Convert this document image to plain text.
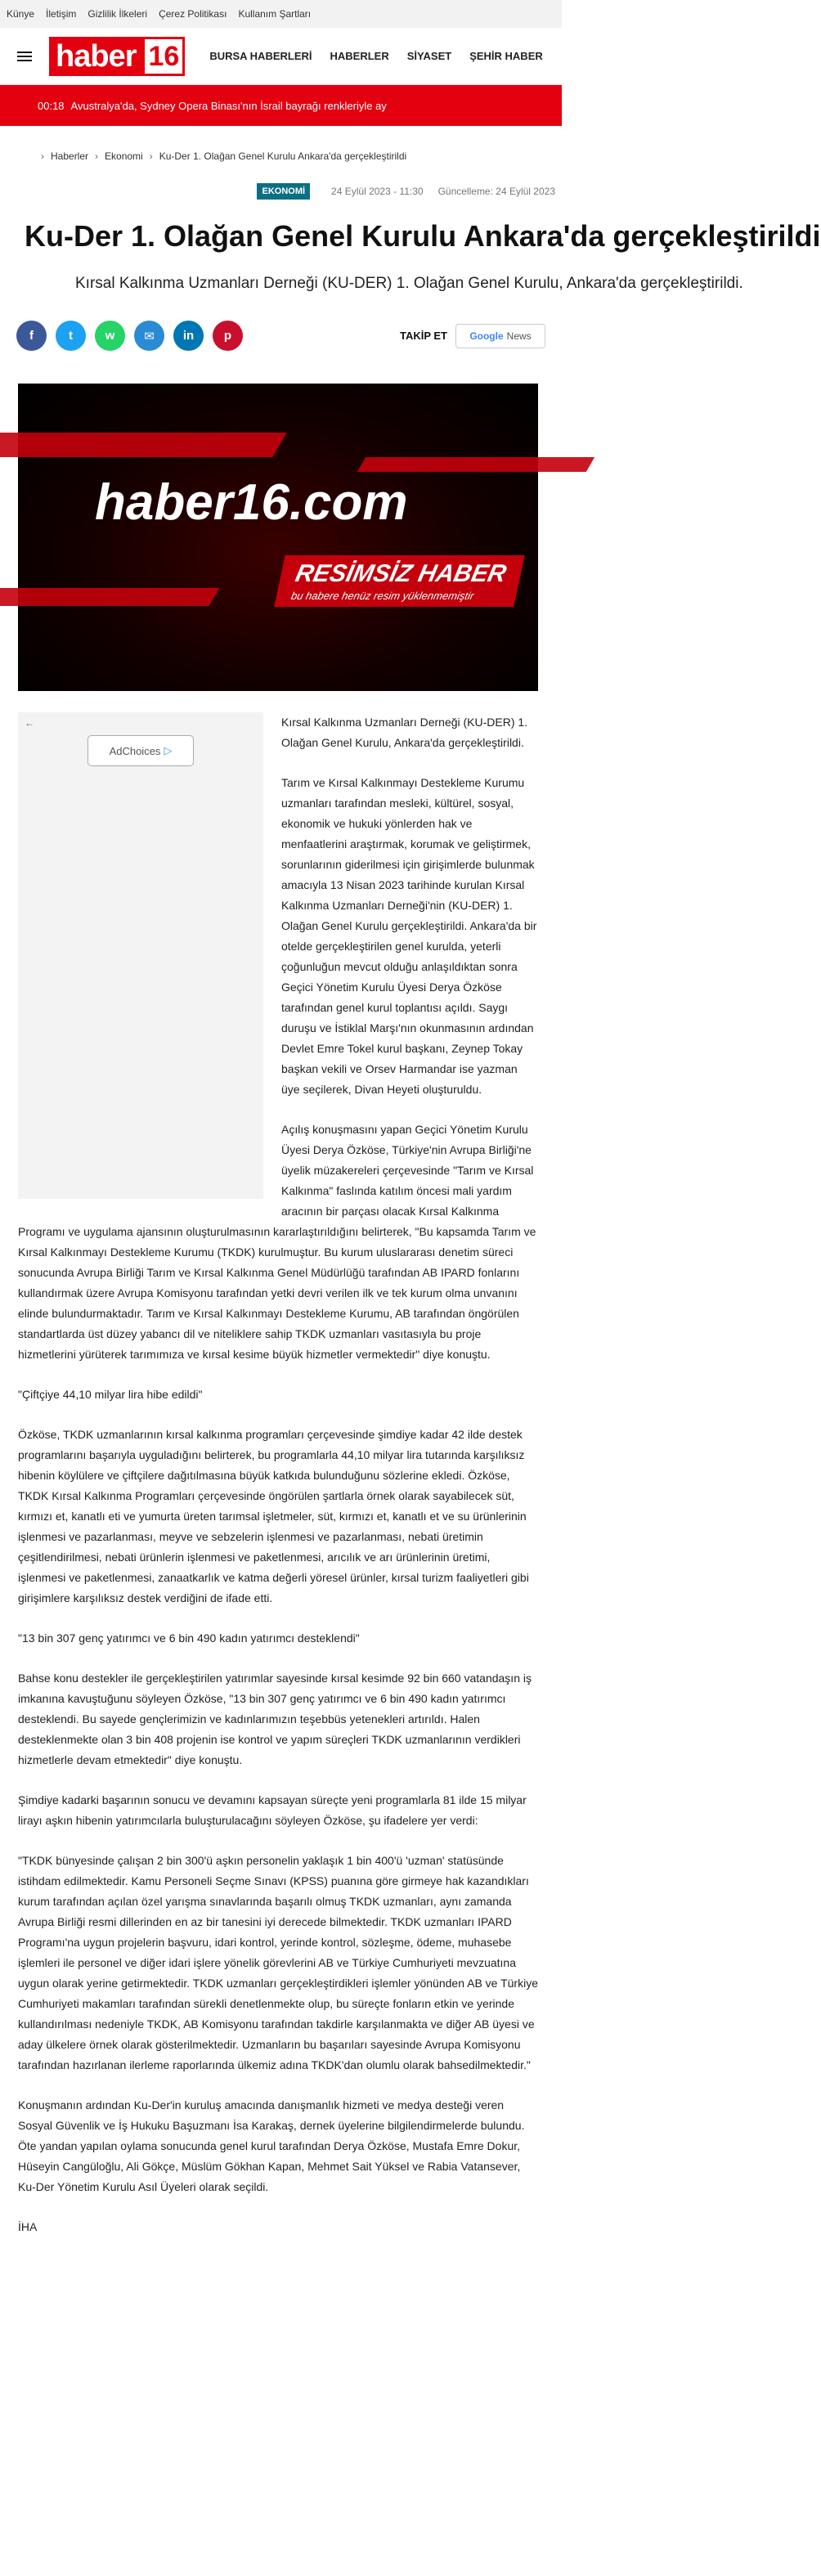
Künye İletişim Gizlilik İlkeleri Çerez Politikası Kullanım Şartları
haber 16	BURSA HABERLERİ HABERLER SİYASET ŞEHİR HABER
00:18 Avustralya'da, Sydney Opera Binası'nın İsrail bayrağı renkleriyle ay
› Haberler › Ekonomi › Ku-Der 1. Olağan Genel Kurulu Ankara'da gerçekleştirildi
EKONOMİ	24 Eylül 2023 - 11:30 Güncelleme: 24 Eylül 2023
Ku-Der 1. Olağan Genel Kurulu Ankara'da gerçekleştirildi
Kırsal Kalkınma Uzmanları Derneği (KU-DER) 1. Olağan Genel Kurulu, Ankara'da gerçekleştirildi.
f	t	w	✉	in	p	TAKİP ET Google News
haber16.com
RESİMSİZ HABER
bu habere henüz resim yüklenmemiştir
←
AdChoices ▷

Kırsal Kalkınma Uzmanları Derneği (KU-DER) 1. Olağan Genel Kurulu, Ankara'da gerçekleştirildi.

Tarım ve Kırsal Kalkınmayı Destekleme Kurumu uzmanları tarafından mesleki, kültürel, sosyal, ekonomik ve hukuki yönlerden hak ve menfaatlerini araştırmak, korumak ve geliştirmek, sorunlarının giderilmesi için girişimlerde bulunmak amacıyla 13 Nisan 2023 tarihinde kurulan Kırsal Kalkınma Uzmanları Derneği'nin (KU-DER) 1. Olağan Genel Kurulu gerçekleştirildi. Ankara'da bir otelde gerçekleştirilen genel kurulda, yeterli çoğunluğun mevcut olduğu anlaşıldıktan sonra Geçici Yönetim Kurulu Üyesi Derya Özköse tarafından genel kurul toplantısı açıldı. Saygı duruşu ve İstiklal Marşı'nın okunmasının ardından Devlet Emre Tokel kurul başkanı, Zeynep Tokay başkan vekili ve Orsev Harmandar ise yazman üye seçilerek, Divan Heyeti oluşturuldu.

Açılış konuşmasını yapan Geçici Yönetim Kurulu Üyesi Derya Özköse, Türkiye'nin Avrupa Birliği'ne üyelik müzakereleri çerçevesinde "Tarım ve Kırsal Kalkınma" faslında katılım öncesi mali yardım aracının bir parçası olacak Kırsal Kalkınma Programı ve uygulama ajansının oluşturulmasının kararlaştırıldığını belirterek, "Bu kapsamda Tarım ve Kırsal Kalkınmayı Destekleme Kurumu (TKDK) kurulmuştur. Bu kurum uluslararası denetim süreci sonucunda Avrupa Birliği Tarım ve Kırsal Kalkınma Genel Müdürlüğü tarafından AB IPARD fonlarını kullandırmak üzere Avrupa Komisyonu tarafından yetki devri verilen ilk ve tek kurum olma unvanını elinde bulundurmaktadır. Tarım ve Kırsal Kalkınmayı Destekleme Kurumu, AB tarafından öngörülen standartlarda üst düzey yabancı dil ve niteliklere sahip TKDK uzmanları vasıtasıyla bu proje hizmetlerini yürüterek tarımımıza ve kırsal kesime büyük hizmetler vermektedir" diye konuştu.

"Çiftçiye 44,10 milyar lira hibe edildi"

Özköse, TKDK uzmanlarının kırsal kalkınma programları çerçevesinde şimdiye kadar 42 ilde destek programlarını başarıyla uyguladığını belirterek, bu programlarla 44,10 milyar lira tutarında karşılıksız hibenin köylülere ve çiftçilere dağıtılmasına büyük katkıda bulunduğunu sözlerine ekledi. Özköse, TKDK Kırsal Kalkınma Programları çerçevesinde öngörülen şartlarla örnek olarak sayabilecek süt, kırmızı et, kanatlı eti ve yumurta üreten tarımsal işletmeler, süt, kırmızı et, kanatlı et ve su ürünlerinin işlenmesi ve pazarlanması, meyve ve sebzelerin işlenmesi ve pazarlanması, nebati üretimin çeşitlendirilmesi, nebati ürünlerin işlenmesi ve paketlenmesi, arıcılık ve arı ürünlerinin üretimi, işlenmesi ve paketlenmesi, zanaatkarlık ve katma değerli yöresel ürünler, kırsal turizm faaliyetleri gibi girişimlere karşılıksız destek verdiğini de ifade etti.

"13 bin 307 genç yatırımcı ve 6 bin 490 kadın yatırımcı desteklendi"

Bahse konu destekler ile gerçekleştirilen yatırımlar sayesinde kırsal kesimde 92 bin 660 vatandaşın iş imkanına kavuştuğunu söyleyen Özköse, "13 bin 307 genç yatırımcı ve 6 bin 490 kadın yatırımcı desteklendi. Bu sayede gençlerimizin ve kadınlarımızın teşebbüs yetenekleri artırıldı. Halen desteklenmekte olan 3 bin 408 projenin ise kontrol ve yapım süreçleri TKDK uzmanlarının verdikleri hizmetlerle devam etmektedir" diye konuştu.

Şimdiye kadarki başarının sonucu ve devamını kapsayan süreçte yeni programlarla 81 ilde 15 milyar lirayı aşkın hibenin yatırımcılarla buluşturulacağını söyleyen Özköse, şu ifadelere yer verdi:

"TKDK bünyesinde çalışan 2 bin 300'ü aşkın personelin yaklaşık 1 bin 400'ü 'uzman' statüsünde istihdam edilmektedir. Kamu Personeli Seçme Sınavı (KPSS) puanına göre girmeye hak kazandıkları kurum tarafından açılan özel yarışma sınavlarında başarılı olmuş TKDK uzmanları, aynı zamanda Avrupa Birliği resmi dillerinden en az bir tanesini iyi derecede bilmektedir. TKDK uzmanları IPARD Programı'na uygun projelerin başvuru, idari kontrol, yerinde kontrol, sözleşme, ödeme, muhasebe işlemleri ile personel ve diğer idari işlere yönelik görevlerini AB ve Türkiye Cumhuriyeti mevzuatına uygun olarak yerine getirmektedir. TKDK uzmanları gerçekleştirdikleri işlemler yönünden AB ve Türkiye Cumhuriyeti makamları tarafından sürekli denetlenmekte olup, bu süreçte fonların etkin ve yerinde kullandırılması nedeniyle TKDK, AB Komisyonu tarafından takdirle karşılanmakta ve diğer AB üyesi ve aday ülkelere örnek olarak gösterilmektedir. Uzmanların bu başarıları sayesinde Avrupa Komisyonu tarafından hazırlanan ilerleme raporlarında ülkemiz adına TKDK'dan olumlu olarak bahsedilmektedir."

Konuşmanın ardından Ku-Der'in kuruluş amacında danışmanlık hizmeti ve medya desteği veren Sosyal Güvenlik ve İş Hukuku Başuzmanı İsa Karakaş, dernek üyelerine bilgilendirmelerde bulundu. Öte yandan yapılan oylama sonucunda genel kurul tarafından Derya Özköse, Mustafa Emre Dokur, Hüseyin Cangüloğlu, Ali Gökçe, Müslüm Gökhan Kapan, Mehmet Sait Yüksel ve Rabia Vatansever, Ku-Der Yönetim Kurulu Asıl Üyeleri olarak seçildi.

İHA
